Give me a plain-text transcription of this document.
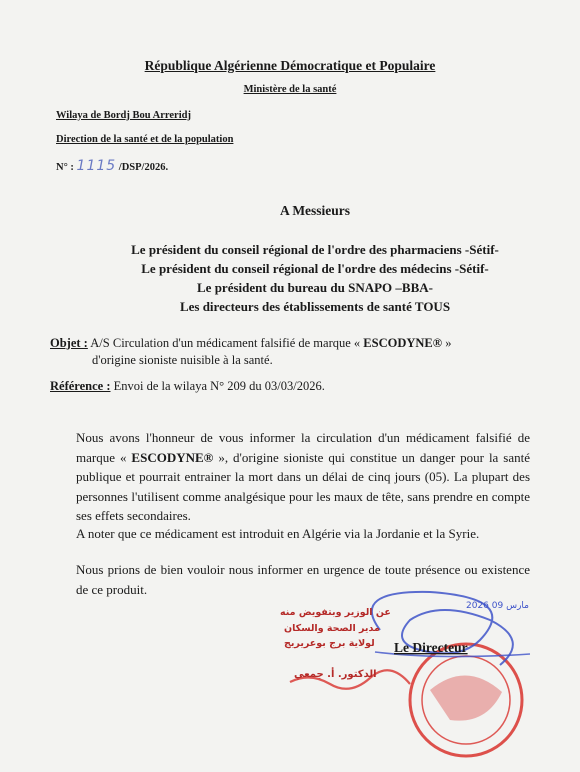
République Algérienne Démocratique et Populaire
Ministère de la santé
Wilaya de Bordj Bou Arreridj
Direction de la santé et de la population
N° : 1115 /DSP/2026.
A Messieurs
Le président du conseil régional de l'ordre des pharmaciens -Sétif-
Le président du conseil régional de l'ordre des médecins -Sétif-
Le président du bureau du SNAPO –BBA-
Les directeurs des établissements de santé TOUS
Objet : A/S Circulation d'un médicament falsifié de marque « ESCODYNE® »
d'origine sioniste nuisible à la santé.
Référence : Envoi de la wilaya N° 209 du 03/03/2026.
Nous avons l'honneur de vous informer la circulation d'un médicament falsifié de marque « ESCODYNE® », d'origine sioniste qui constitue un danger pour la santé publique et pourrait entrainer la mort dans un délai de cinq jours (05). La plupart des personnes l'utilisent comme analgésique pour les maux de tête, sans prendre en compte ses effets secondaires.
A noter que ce médicament est introduit en Algérie via la Jordanie et la Syrie.
Nous prions de bien vouloir nous informer en urgence de toute présence ou existence de ce produit.
عن الوزير وبتفويض منه
مدير الصحة والسكان
لولاية برج بوعريريج
الدكتور. أ. جمعي
2026 مارس 09
Le Directeur
